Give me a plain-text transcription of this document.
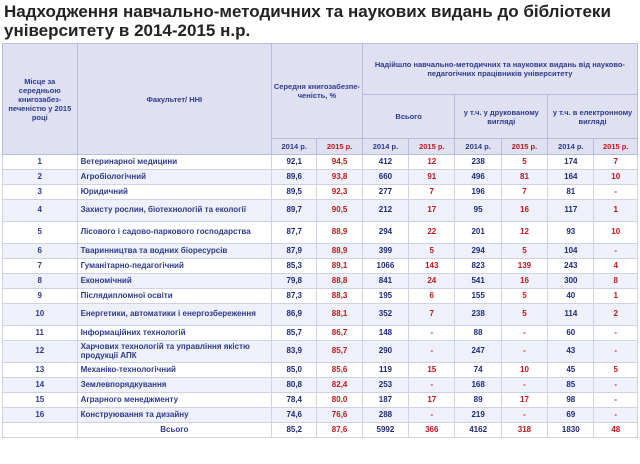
Надходження навчально-методичних та наукових видань до бібліотеки університету в 2014-2015 н.р.
Місце за середньою книгозабез-печеністю у 2015 році	Факультет/ ННІ	Середня книгозабезпе-ченість, %		Надійшло навчально-методичних та наукових видань від науково-педагогічних працівників університету					
				Всього		у т.ч. у друкованому вигляді		у т.ч. в електронному вигляді	
		2014 р.	2015 р.	2014 р.	2015 р.	2014 р.	2015 р.	2014 р.	2015 р.
1	Ветеринарної медицини	92,1	94,5	412	12	238	5	174	7
2	Агробіологічний	89,6	93,8	660	91	496	81	164	10
3	Юридичний	89,5	92,3	277	7	196	7	81	-
4	Захисту рослин, біотехнологій та екології	89,7	90,5	212	17	95	16	117	1
5	Лісового і садово-паркового господарства	87,7	88,9	294	22	201	12	93	10
6	Тваринництва та водних біоресурсів	87,9	88,9	399	5	294	5	104	-
7	Гуманітарно-педагогічний	85,3	89,1	1066	143	823	139	243	4
8	Економічний	79,8	88,8	841	24	541	16	300	8
9	Післядипломної освіти	87,3	88,3	195	6	155	5	40	1
10	Енергетики, автоматики і енергозбереження	86,9	88,1	352	7	238	5	114	2
11	Інформаційних технологій	85,7	86,7	148	-	88	-	60	-
12	Харчових технологій та управління якістю продукції АПК	83,9	85,7	290	-	247	-	43	-
13	Механіко-технологічний	85,0	85,6	119	15	74	10	45	5
14	Землевпорядкування	80,8	82,4	253	-	168	-	85	-
15	Аграрного менеджменту	78,4	80,0	187	17	89	17	98	-
16	Конструювання та дизайну	74,6	76,6	288	-	219	-	69	-
	Всього	85,2	87,6	5992	366	4162	318	1830	48
